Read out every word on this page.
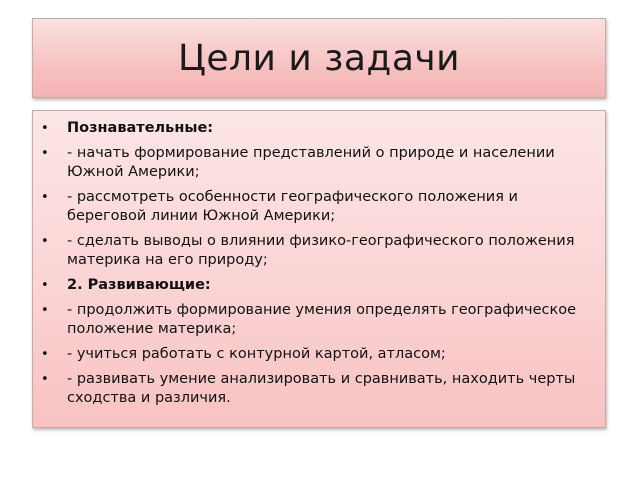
Цели и задачи
• Познавательные:
• - начать формирование представлений о природе и населении Южной Америки;
• - рассмотреть особенности географического положения и береговой линии Южной Америки;
• - сделать выводы о влиянии физико-географического положения материка на его природу;
• 2. Развивающие:
• - продолжить формирование умения определять географическое положение материка;
• - учиться работать с контурной картой, атласом;
• - развивать умение анализировать и сравнивать, находить черты сходства и различия.
